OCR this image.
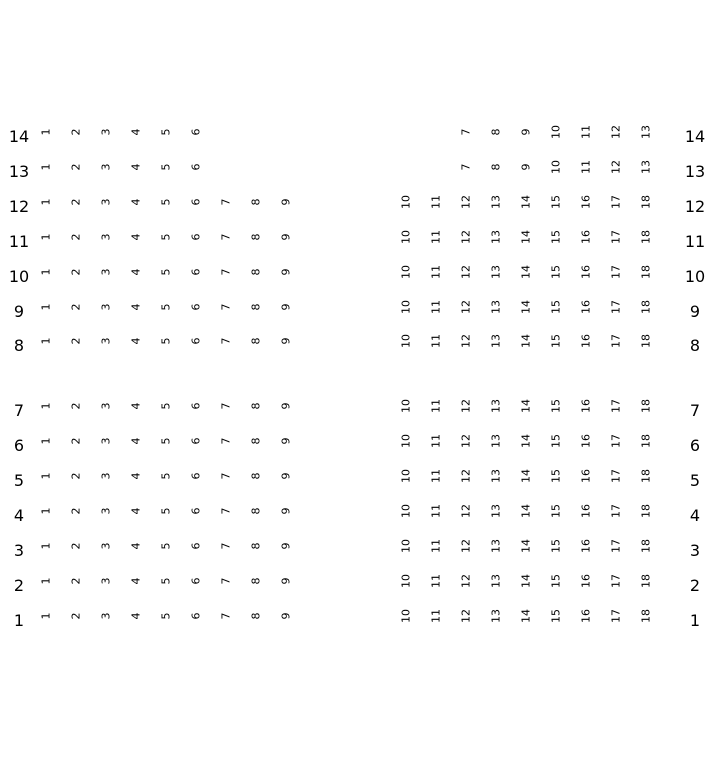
14	14
1 2 3 4 5 6	7 8 9 10 11 12 13
13	13
1 2 3 4 5 6	7 8 9 10 11 12 13
12	12
1 2 3 4 5 6 7 8 9	10 11 12 13 14 15 16 17 18
11	11
1 2 3 4 5 6 7 8 9	10 11 12 13 14 15 16 17 18
10	10
1 2 3 4 5 6 7 8 9	10 11 12 13 14 15 16 17 18
9	9
1 2 3 4 5 6 7 8 9	10 11 12 13 14 15 16 17 18
8	8
1 2 3 4 5 6 7 8 9	10 11 12 13 14 15 16 17 18
7	7
1 2 3 4 5 6 7 8 9	10 11 12 13 14 15 16 17 18
6	6
1 2 3 4 5 6 7 8 9	10 11 12 13 14 15 16 17 18
5	5
1 2 3 4 5 6 7 8 9	10 11 12 13 14 15 16 17 18
4	4
1 2 3 4 5 6 7 8 9	10 11 12 13 14 15 16 17 18
3	3
1 2 3 4 5 6 7 8 9	10 11 12 13 14 15 16 17 18
2	2
1 2 3 4 5 6 7 8 9	10 11 12 13 14 15 16 17 18
1	1
1 2 3 4 5 6 7 8 9	10 11 12 13 14 15 16 17 18
